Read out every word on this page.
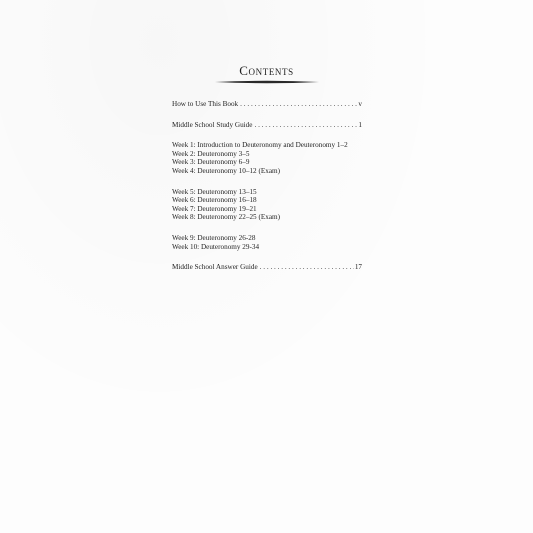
Contents
How to Use This Book . . .	v
Middle School Study Guide . . .	1
Week 1: Introduction to Deuteronomy and Deuteronomy 1–2
Week 2: Deuteronomy 3–5
Week 3: Deuteronomy 6–9
Week 4: Deuteronomy 10–12 (Exam)
Week 5: Deuteronomy 13–15
Week 6: Deuteronomy 16–18
Week 7: Deuteronomy 19–21
Week 8: Deuteronomy 22–25 (Exam)
Week 9: Deuteronomy 26-28
Week 10: Deuteronomy 29-34
Middle School Answer Guide . . .	17
